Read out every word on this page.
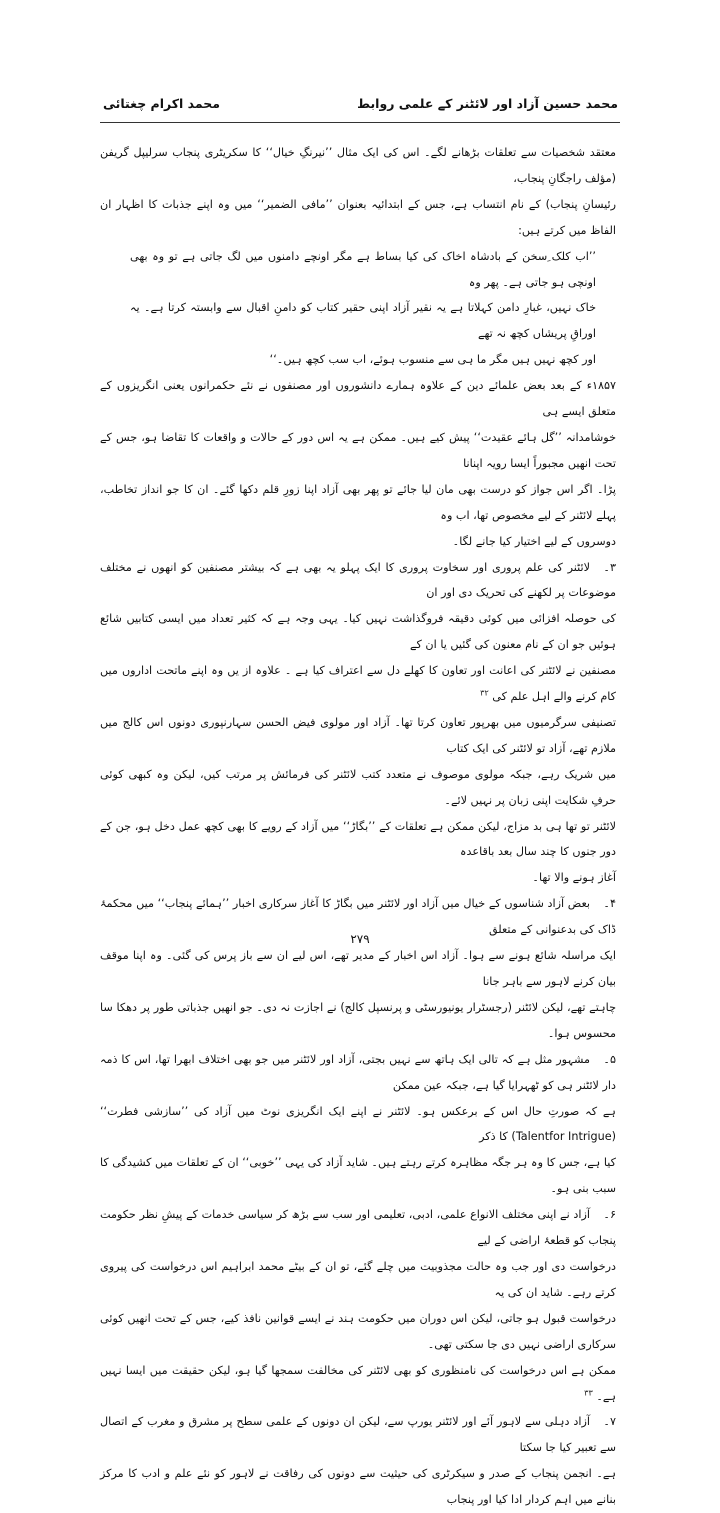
محمد حسین آزاد اور لائٹنر کے علمی روابط
محمد اکرام چغتائی

معتقد شخصیات سے تعلقات بڑھانے لگے۔ اس کی ایک مثال ’’نیرنگِ خیال‘‘ کا سکریٹری پنجاب سرلیپل گریفن (مؤلف راجگانِ پنجاب،

رئیسانِ پنجاب) کے نام انتساب ہے، جس کے ابتدائیہ بعنوان ’’مافی الضمیر‘‘ میں وہ اپنے جذبات کا اظہار ان الفاظ میں کرتے ہیں:

’’اب کلک ِسخن کے بادشاہ اخاک کی کیا بساط ہے مگر اونچے دامنوں میں لگ جاتی ہے تو وہ بھی اونچی ہو جاتی ہے۔ پھر وہ

خاک نہیں، غبارِ دامن کہلاتا ہے یہ نقیر آزاد اپنی حقیر کتاب کو دامنِ اقبال سے وابستہ کرتا ہے۔ یہ اوراقِ پریشاں کچھ نہ تھے

اور کچھ نہیں ہیں مگر ما ہی سے منسوب ہوئے، اب سب کچھ ہیں۔‘‘

۱۸۵۷ء کے بعد بعض علمائے دین کے علاوہ ہمارے دانشوروں اور مصنفوں نے نئے حکمرانوں یعنی انگریزوں کے متعلق ایسے ہی

خوشامدانہ ’’گل ہائے عقیدت‘‘ پیش کیے ہیں۔ ممکن ہے یہ اس دور کے حالات و واقعات کا تقاضا ہو، جس کے تحت انھیں مجبوراً ایسا رویہ اپنانا

پڑا۔ اگر اس جواز کو درست بھی مان لیا جائے تو پھر بھی آزاد اپنا زورِ قلم دکھا گئے۔ ان کا جو انداز تخاطب، پہلے لائٹنر کے لیے مخصوص تھا، اب وہ

دوسروں کے لیے اختیار کیا جانے لگا۔

۳۔لائٹنر کی علم پروری اور سخاوت پروری کا ایک پہلو یہ بھی ہے کہ بیشتر مصنفین کو انھوں نے مختلف موضوعات پر لکھنے کی تحریک دی اور ان

کی حوصلہ افزائی میں کوئی دقیقہ فروگذاشت نہیں کیا۔ یہی وجہ ہے کہ کثیر تعداد میں ایسی کتابیں شائع ہوئیں جو ان کے نام معنون کی گئیں یا ان کے

مصنفین نے لائٹنر کی اعانت اور تعاون کا کھلے دل سے اعتراف کیا ہے ۔ علاوہ از یں وہ اپنے ماتحت اداروں میں کام کرنے والے اہل علم کی $^{۳۲}$

تصنیفی سرگرمیوں میں بھرپور تعاون کرتا تھا۔ آزاد اور مولوی فیض الحسن سہارنپوری دونوں اس کالج میں ملازم تھے، آزاد تو لائٹنر کی ایک کتاب

میں شریک رہے، جبکہ مولوی موصوف نے متعدد کتب لائٹنر کی فرمائش پر مرتب کیں، لیکن وہ کبھی کوئی حرفِ شکایت اپنی زبان پر نہیں لائے۔

لائٹنر تو تھا ہی بد مزاج، لیکن ممکن ہے تعلقات کے ’’بگاڑ‘‘ میں آزاد کے رویے کا بھی کچھ عمل دخل ہو، جن کے دور جنوں کا چند سال بعد باقاعدہ

آغاز ہونے والا تھا۔

۴۔بعض آزاد شناسوں کے خیال میں آزاد اور لائٹنر میں بگاڑ کا آغاز سرکاری اخبار ’’ہمائے پنجاب‘‘ میں محکمۂ ڈاک کی بدعنوانی کے متعلق

ایک مراسلہ شائع ہونے سے ہوا۔ آزاد اس اخبار کے مدیر تھے، اس لیے ان سے باز پرس کی گئی۔ وہ اپنا موقف بیان کرنے لاہور سے باہر جانا

چاہتے تھے، لیکن لائٹنر (رجسٹرار یونیورسٹی و پرنسپل کالج) نے اجازت نہ دی۔ جو انھیں جذباتی طور پر دھکا سا محسوس ہوا۔

۵۔مشہور مثل ہے کہ تالی ایک ہاتھ سے نہیں بجتی، آزاد اور لائٹنر میں جو بھی اختلاف ابھرا تھا، اس کا ذمہ دار لائٹنر ہی کو ٹھہرایا گیا ہے، جبکہ عین ممکن

ہے کہ صورتِ حال اس کے برعکس ہو۔ لائٹنر نے اپنے ایک انگریزی نوٹ میں آزاد کی ’’سازشی فطرت‘‘ (Talentfor Intrigue) کا ذکر

کیا ہے، جس کا وہ ہر جگہ مظاہرہ کرتے رہتے ہیں۔ شاید آزاد کی یہی ’’خوبی‘‘ ان کے تعلقات میں کشیدگی کا سبب بنی ہو۔

۶۔آزاد نے اپنی مختلف الانواع علمی، ادبی، تعلیمی اور سب سے بڑھ کر سیاسی خدمات کے پیشِ نظر حکومت پنجاب کو قطعۂ اراضی کے لیے

درخواست دی اور جب وہ حالت مجذوبیت میں چلے گئے، تو ان کے بیٹے محمد ابراہیم اس درخواست کی پیروی کرتے رہے۔ شاید ان کی یہ

درخواست قبول ہو جاتی، لیکن اس دوران میں حکومت ہند نے ایسے قوانین نافذ کیے، جس کے تحت انھیں کوئی سرکاری اراضی نہیں دی جا سکتی تھی۔

ممکن ہے اس درخواست کی نامنظوری کو بھی لائٹنر کی مخالفت سمجھا گیا ہو، لیکن حقیقت میں ایسا نہیں ہے۔ $^{۳۳}$

۷۔آزاد دہلی سے لاہور آئے اور لائٹنر یورپ سے، لیکن ان دونوں کے علمی سطح پر مشرق و مغرب کے اتصال سے تعبیر کیا جا سکتا

ہے۔ انجمن پنجاب کے صدر و سیکرٹری کی حیثیت سے دونوں کی رفاقت نے لاہور کو نئے علم و ادب کا مرکز بنانے میں اہم کردار ادا کیا اور پنجاب

۲۷۹
